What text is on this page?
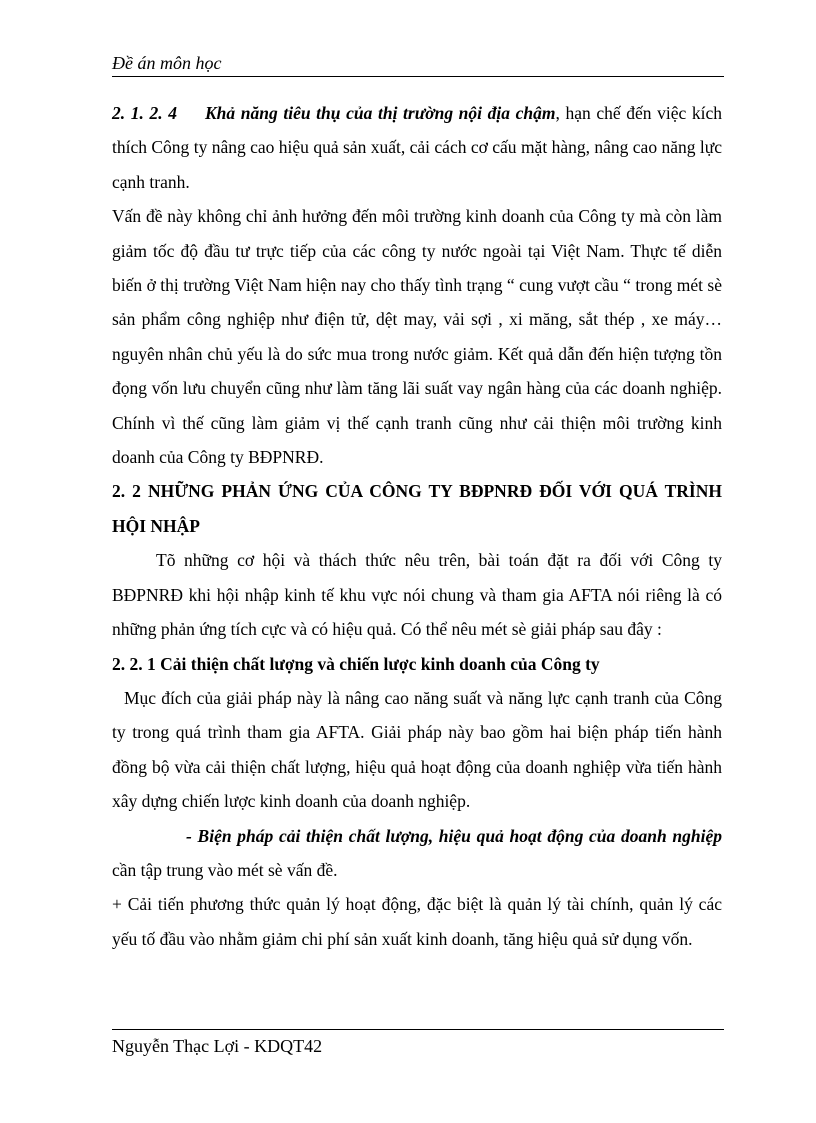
Đề án môn học

2. 1. 2. 4 Khả năng tiêu thụ của thị trường nội địa chậm, hạn chế đến việc kích thích Công ty nâng cao hiệu quả sản xuất, cải cách cơ cấu mặt hàng, nâng cao năng lực cạnh tranh.

Vấn đề này không chỉ ảnh hưởng đến môi trường kinh doanh của Công ty mà còn làm giảm tốc độ đầu tư trực tiếp của các công ty nước ngoài tại Việt Nam. Thực tế diễn biến ở thị trường Việt Nam hiện nay cho thấy tình trạng “ cung vượt cầu “ trong mét sè sản phẩm công nghiệp như điện tử, dệt may, vải sợi , xi măng, sắt thép , xe máy…nguyên nhân chủ yếu là do sức mua trong nước giảm. Kết quả dẫn đến hiện tượng tồn đọng vốn lưu chuyển cũng như làm tăng lãi suất vay ngân hàng của các doanh nghiệp. Chính vì thế cũng làm giảm vị thế cạnh tranh cũng như cải thiện môi trường kinh doanh của Công ty BĐPNRĐ.

2. 2 NHỮNG PHẢN ỨNG CỦA CÔNG TY BĐPNRĐ ĐỐI VỚI QUÁ TRÌNH HỘI NHẬP

Tõ những cơ hội và thách thức nêu trên, bài toán đặt ra đối với Công ty BĐPNRĐ khi hội nhập kinh tế khu vực nói chung và tham gia AFTA nói riêng là có những phản ứng tích cực và có hiệu quả. Có thể nêu mét sè giải pháp sau đây :

2. 2. 1 Cải thiện chất lượng và chiến lược kinh doanh của Công ty

Mục đích của giải pháp này là nâng cao năng suất và năng lực cạnh tranh của Công ty trong quá trình tham gia AFTA. Giải pháp này bao gồm hai biện pháp tiến hành đồng bộ vừa cải thiện chất lượng, hiệu quả hoạt động của doanh nghiệp vừa tiến hành xây dựng chiến lược kinh doanh của doanh nghiệp.

- Biện pháp cải thiện chất lượng, hiệu quả hoạt động của doanh nghiệp cần tập trung vào mét sè vấn đề.

+ Cải tiến phương thức quản lý hoạt động, đặc biệt là quản lý tài chính, quản lý các yếu tố đầu vào nhằm giảm chi phí sản xuất kinh doanh, tăng hiệu quả sử dụng vốn.

Nguyễn Thạc Lợi - KDQT42
